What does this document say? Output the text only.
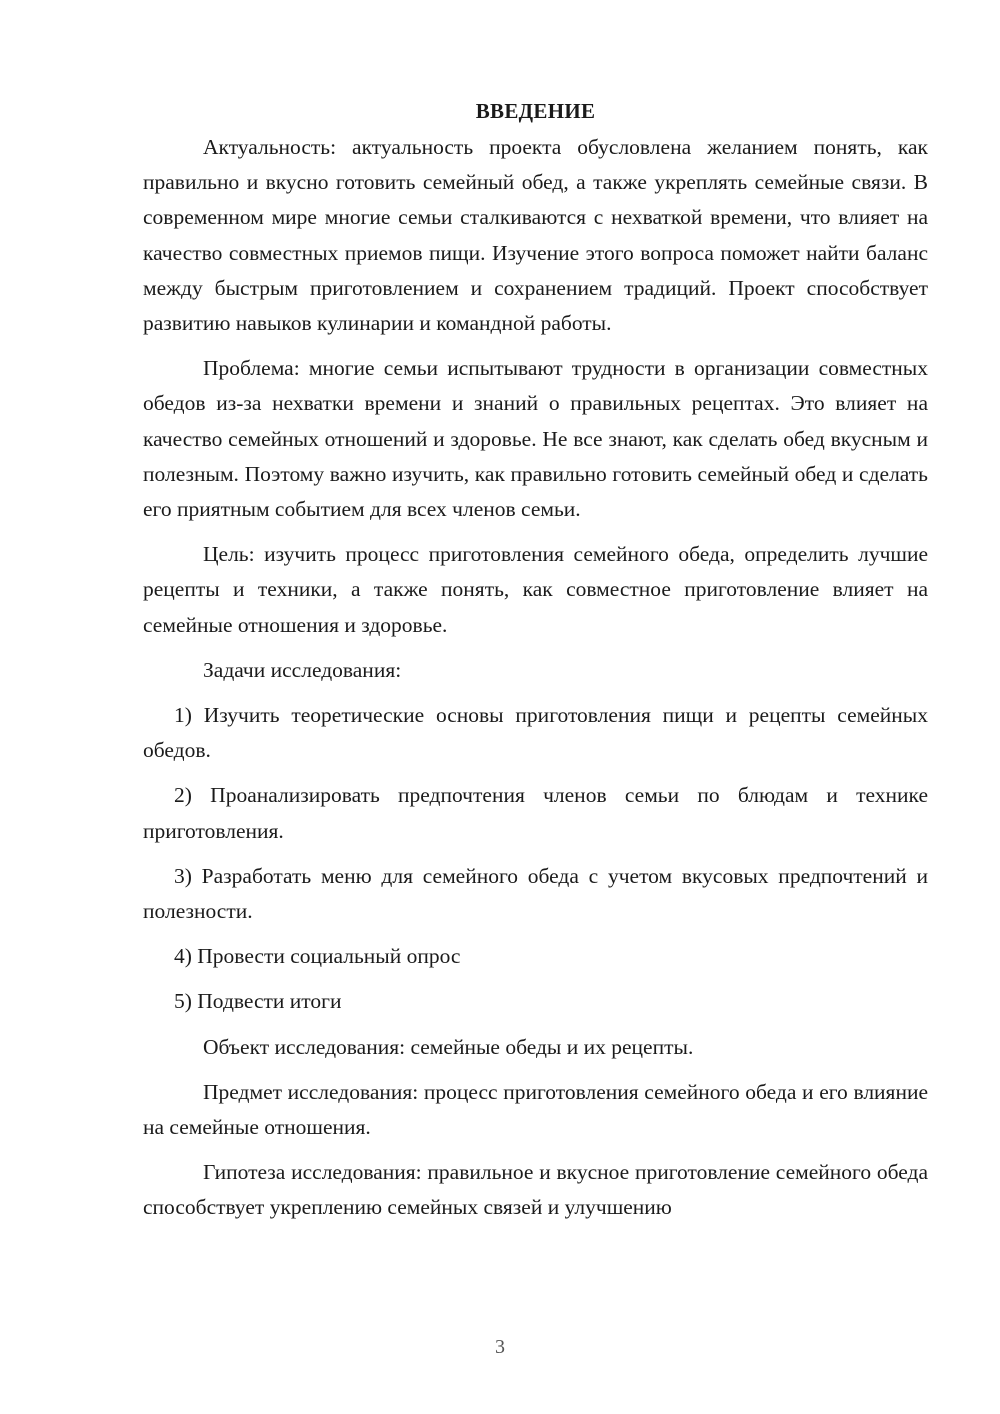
ВВЕДЕНИЕ

Актуальность: актуальность проекта обусловлена желанием понять, как правильно и вкусно готовить семейный обед, а также укреплять семейные связи. В современном мире многие семьи сталкиваются с нехваткой времени, что влияет на качество совместных приемов пищи. Изучение этого вопроса поможет найти баланс между быстрым приготовлением и сохранением традиций. Проект способствует развитию навыков кулинарии и командной работы.

Проблема: многие семьи испытывают трудности в организации совместных обедов из-за нехватки времени и знаний о правильных рецептах. Это влияет на качество семейных отношений и здоровье. Не все знают, как сделать обед вкусным и полезным. Поэтому важно изучить, как правильно готовить семейный обед и сделать его приятным событием для всех членов семьи.

Цель: изучить процесс приготовления семейного обеда, определить лучшие рецепты и техники, а также понять, как совместное приготовление влияет на семейные отношения и здоровье.

Задачи исследования:

1) Изучить теоретические основы приготовления пищи и рецепты семейных обедов.

2) Проанализировать предпочтения членов семьи по блюдам и технике приготовления.

3) Разработать меню для семейного обеда с учетом вкусовых предпочтений и полезности.

4) Провести социальный опрос

5) Подвести итоги

Объект исследования: семейные обеды и их рецепты.

Предмет исследования: процесс приготовления семейного обеда и его влияние на семейные отношения.

Гипотеза исследования: правильное и вкусное приготовление семейного обеда способствует укреплению семейных связей и улучшению

3
